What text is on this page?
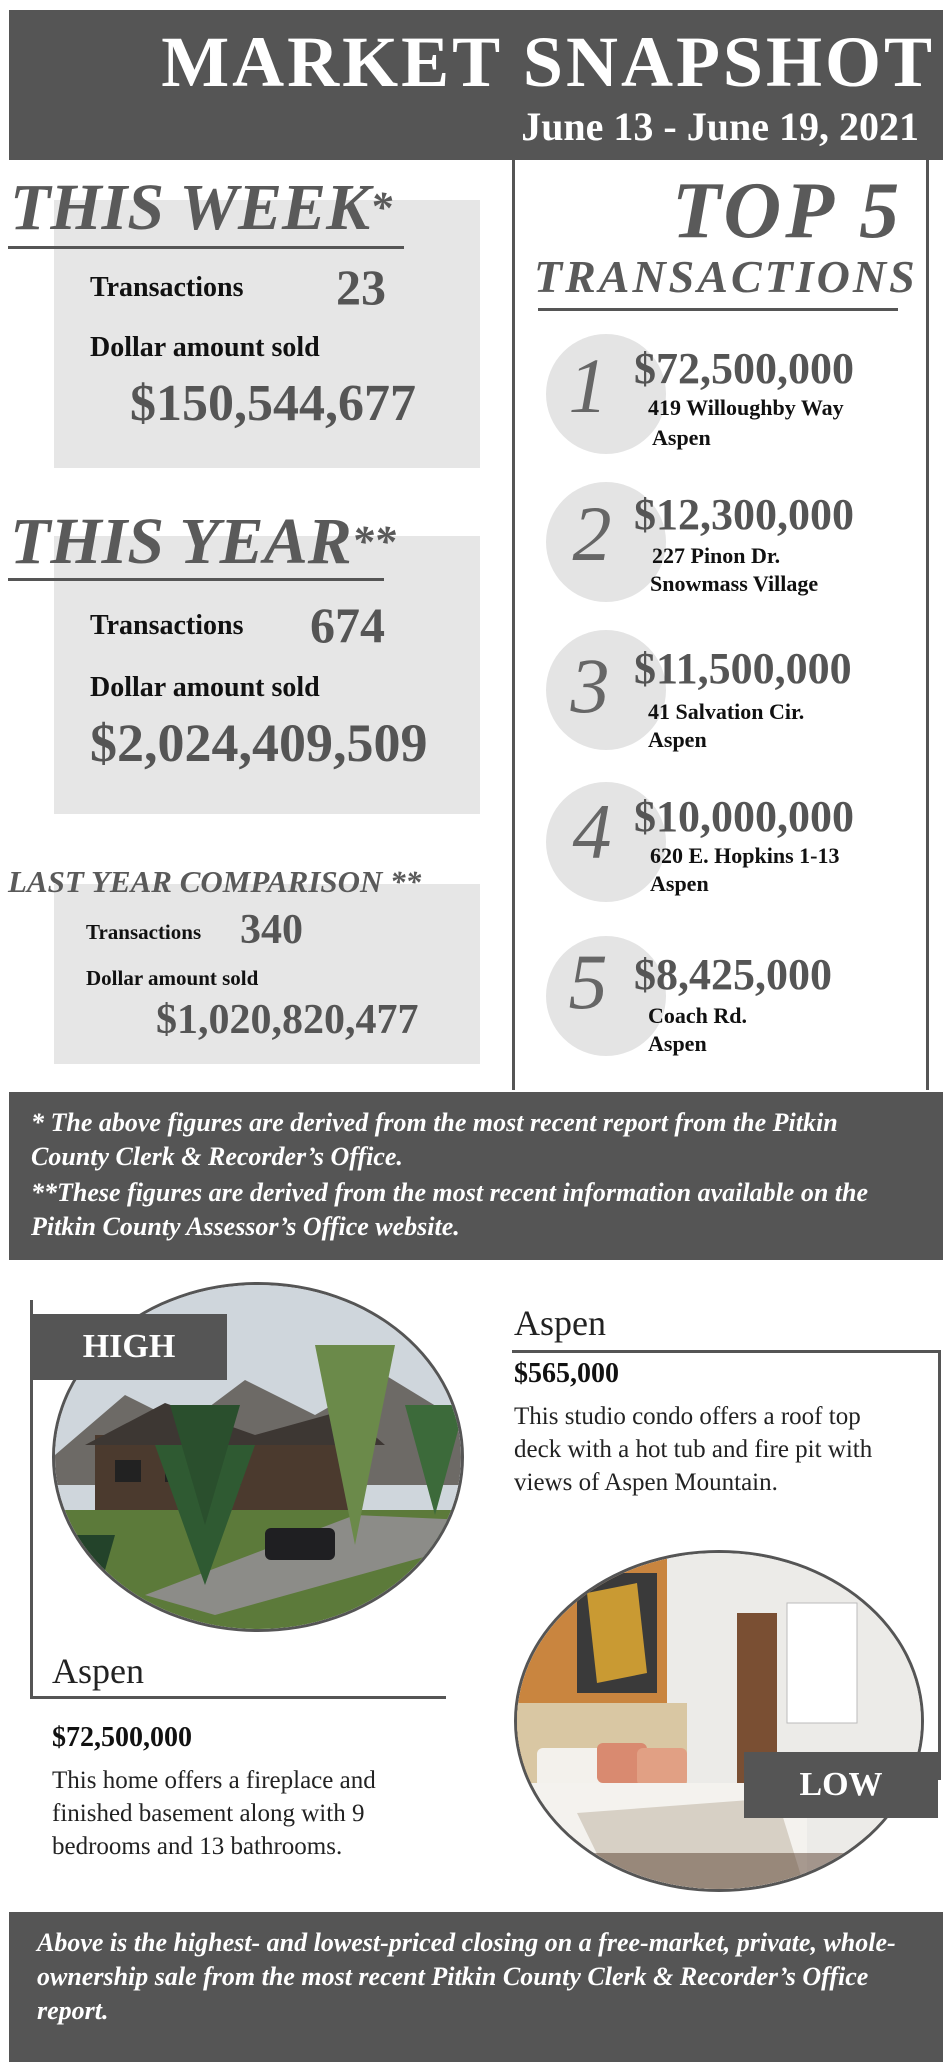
MARKET SNAPSHOT
June 13 - June 19, 2021
THIS WEEK*
Transactions 23
Dollar amount sold
$150,544,677
THIS YEAR**
Transactions 674
Dollar amount sold
$2,024,409,509
LAST YEAR COMPARISON **
Transactions 340
Dollar amount sold
$1,020,820,477
TOP 5
TRANSACTIONS
1 $72,500,000
419 Willoughby Way
Aspen
2 $12,300,000
227 Pinon Dr.
Snowmass Village
3 $11,500,000
41 Salvation Cir.
Aspen
4 $10,000,000
620 E. Hopkins 1-13
Aspen
5 $8,425,000
Coach Rd.
Aspen
* The above figures are derived from the most recent report from the Pitkin County Clerk & Recorder’s Office.
**These figures are derived from the most recent information available on the Pitkin County Assessor’s Office website.
HIGH
Aspen
$72,500,000
This home offers a fireplace and finished basement along with 9 bedrooms and 13 bathrooms.
Aspen
$565,000
This studio condo offers a roof top deck with a hot tub and fire pit with views of Aspen Mountain.
LOW
Above is the highest- and lowest-priced closing on a free-market, private, whole-ownership sale from the most recent Pitkin County Clerk & Recorder’s Office report.
